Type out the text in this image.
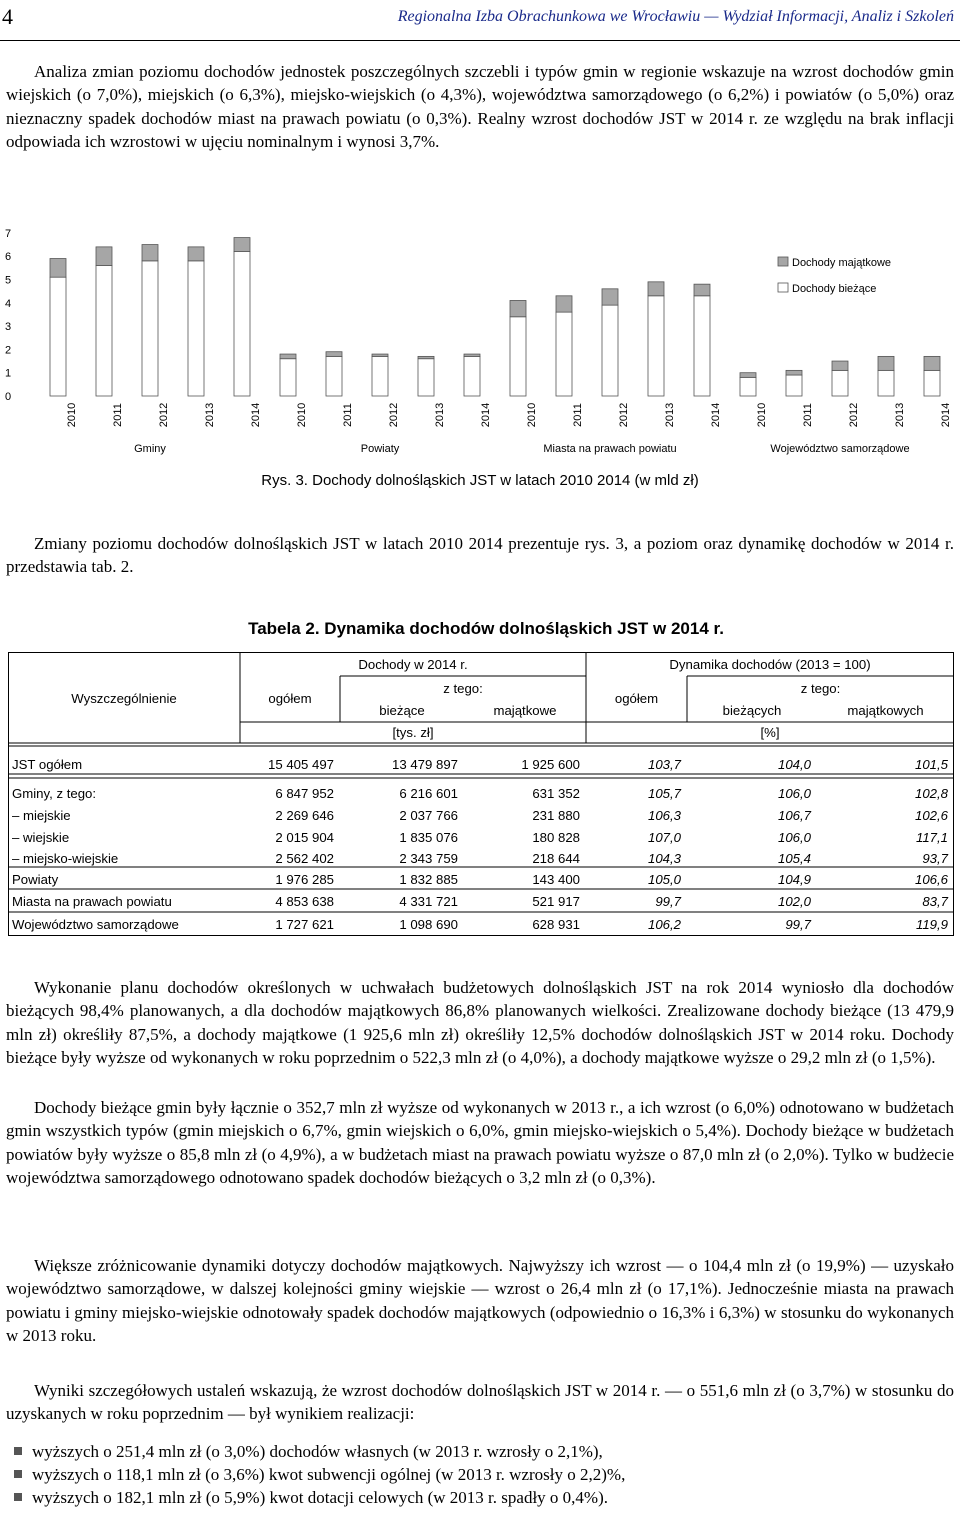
4	Regionalna Izba Obrachunkowa we Wrocławiu — Wydział Informacji, Analiz i Szkoleń

Analiza zmian poziomu dochodów jednostek poszczególnych szczebli i typów gmin w regionie wskazuje na wzrost dochodów gmin wiejskich (o 7,0%), miejskich (o 6,3%), miejsko-wiejskich (o 4,3%), województwa samorządowego (o 6,2%) i powiatów (o 5,0%) oraz nieznaczny spadek dochodów miast na prawach powiatu (o 0,3%). Realny wzrost dochodów JST w 2014 r. ze względu na brak inflacji odpowiada ich wzrostowi w ujęciu nominalnym i wynosi 3,7%.

0
1
2
3
4
5
6
7
2010	2011	2012	2013	2014
Gminy
2010	2011	2012	2013	2014
Powiaty
2010	2011	2012	2013	2014
Miasta na prawach powiatu
2010	2011	2012	2013	2014
Województwo samorządowe
Dochody majątkowe
Dochody bieżące
Rys. 3. Dochody dolnośląskich JST w latach 2010 2014 (w mld zł)

Zmiany poziomu dochodów dolnośląskich JST w latach 2010 2014 prezentuje rys. 3, a poziom oraz dynamikę dochodów w 2014 r. przedstawia tab. 2.

Tabela 2. Dynamika dochodów dolnośląskich JST w 2014 r.
Dochody w 2014 r.	Dynamika dochodów (2013 = 100)
Wyszczególnienie	ogółem
z tego:
ogółem
z tego:
bieżące	majątkowe	bieżących	majątkowych
[tys. zł]	[%]
JST ogółem	15 405 497	13 479 897	1 925 600	103,7	104,0	101,5
Gminy, z tego:	6 847 952	6 216 601	631 352	105,7	106,0	102,8
– miejskie	2 269 646	2 037 766	231 880	106,3	106,7	102,6
– wiejskie	2 015 904	1 835 076	180 828	107,0	106,0	117,1
– miejsko-wiejskie	2 562 402	2 343 759	218 644	104,3	105,4	93,7
Powiaty	1 976 285	1 832 885	143 400	105,0	104,9	106,6
Miasta na prawach powiatu	4 853 638	4 331 721	521 917	99,7	102,0	83,7
Województwo samorządowe	1 727 621	1 098 690	628 931	106,2	99,7	119,9

Wykonanie planu dochodów określonych w uchwałach budżetowych dolnośląskich JST na rok 2014 wyniosło dla dochodów bieżących 98,4% planowanych, a dla dochodów majątkowych 86,8% planowanych wielkości. Zrealizowane dochody bieżące (13 479,9 mln zł) określiły 87,5%, a dochody majątkowe (1 925,6 mln zł) określiły 12,5% dochodów dolnośląskich JST w 2014 roku. Dochody bieżące były wyższe od wykonanych w roku poprzednim o 522,3 mln zł (o 4,0%), a dochody majątkowe wyższe o 29,2 mln zł (o 1,5%).

Dochody bieżące gmin były łącznie o 352,7 mln zł wyższe od wykonanych w 2013 r., a ich wzrost (o 6,0%) odnotowano w budżetach gmin wszystkich typów (gmin miejskich o 6,7%, gmin wiejskich o 6,0%, gmin miejsko-wiejskich o 5,4%). Dochody bieżące w budżetach powiatów były wyższe o 85,8 mln zł (o 4,9%), a w budżetach miast na prawach powiatu wyższe o 87,0 mln zł (o 2,0%). Tylko w budżecie województwa samorządowego odnotowano spadek dochodów bieżących o 3,2 mln zł (o 0,3%).

Większe zróżnicowanie dynamiki dotyczy dochodów majątkowych. Najwyższy ich wzrost — o 104,4 mln zł (o 19,9%) — uzyskało województwo samorządowe, w dalszej kolejności gminy wiejskie — wzrost o 26,4 mln zł (o 17,1%). Jednocześnie miasta na prawach powiatu i gminy miejsko-wiejskie odnotowały spadek dochodów majątkowych (odpowiednio o 16,3% i 6,3%) w stosunku do wykonanych w 2013 roku.

Wyniki szczegółowych ustaleń wskazują, że wzrost dochodów dolnośląskich JST w 2014 r. — o 551,6 mln zł (o 3,7%) w stosunku do uzyskanych w roku poprzednim — był wynikiem realizacji:

wyższych o 251,4 mln zł (o 3,0%) dochodów własnych (w 2013 r. wzrosły o 2,1%),
wyższych o 118,1 mln zł (o 3,6%) kwot subwencji ogólnej (w 2013 r. wzrosły o 2,2)%,
wyższych o 182,1 mln zł (o 5,9%) kwot dotacji celowych (w 2013 r. spadły o 0,4%).
